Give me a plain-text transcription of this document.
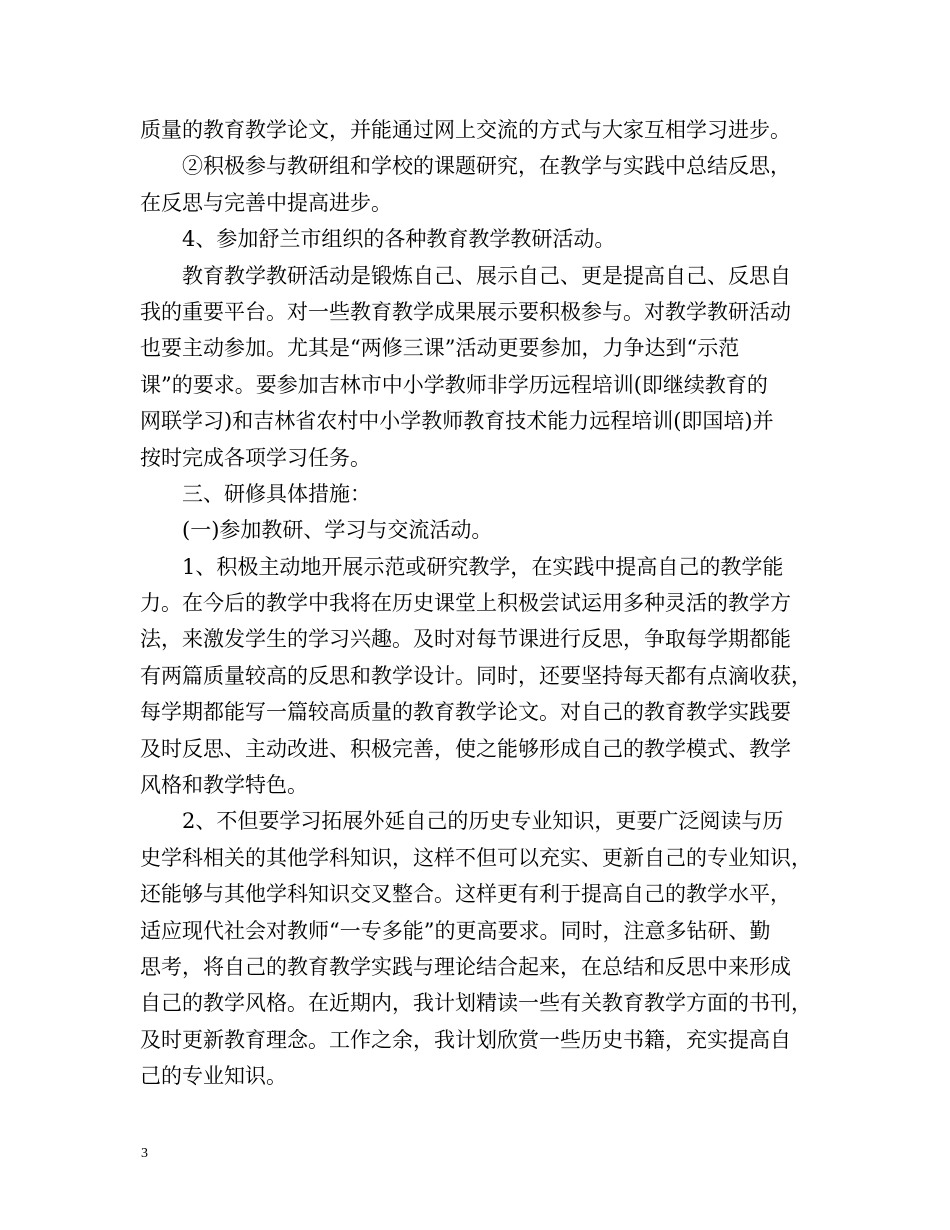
质量的教育教学论文，并能通过网上交流的方式与大家互相学习进步。
②积极参与教研组和学校的课题研究，在教学与实践中总结反思，
在反思与完善中提高进步。
4、参加舒兰市组织的各种教育教学教研活动。
教育教学教研活动是锻炼自己、展示自己、更是提高自己、反思自
我的重要平台。对一些教育教学成果展示要积极参与。对教学教研活动
也要主动参加。尤其是“两修三课”活动更要参加，力争达到“示范
课”的要求。要参加吉林市中小学教师非学历远程培训(即继续教育的
网联学习)和吉林省农村中小学教师教育技术能力远程培训(即国培)并
按时完成各项学习任务。
三、研修具体措施：
(一)参加教研、学习与交流活动。
1、积极主动地开展示范或研究教学，在实践中提高自己的教学能
力。在今后的教学中我将在历史课堂上积极尝试运用多种灵活的教学方
法，来激发学生的学习兴趣。及时对每节课进行反思，争取每学期都能
有两篇质量较高的反思和教学设计。同时，还要坚持每天都有点滴收获，
每学期都能写一篇较高质量的教育教学论文。对自己的教育教学实践要
及时反思、主动改进、积极完善，使之能够形成自己的教学模式、教学
风格和教学特色。
2、不但要学习拓展外延自己的历史专业知识，更要广泛阅读与历
史学科相关的其他学科知识，这样不但可以充实、更新自己的专业知识，
还能够与其他学科知识交叉整合。这样更有利于提高自己的教学水平，
适应现代社会对教师“一专多能”的更高要求。同时，注意多钻研、勤
思考，将自己的教育教学实践与理论结合起来，在总结和反思中来形成
自己的教学风格。在近期内，我计划精读一些有关教育教学方面的书刊，
及时更新教育理念。工作之余，我计划欣赏一些历史书籍，充实提高自
己的专业知识。
3
